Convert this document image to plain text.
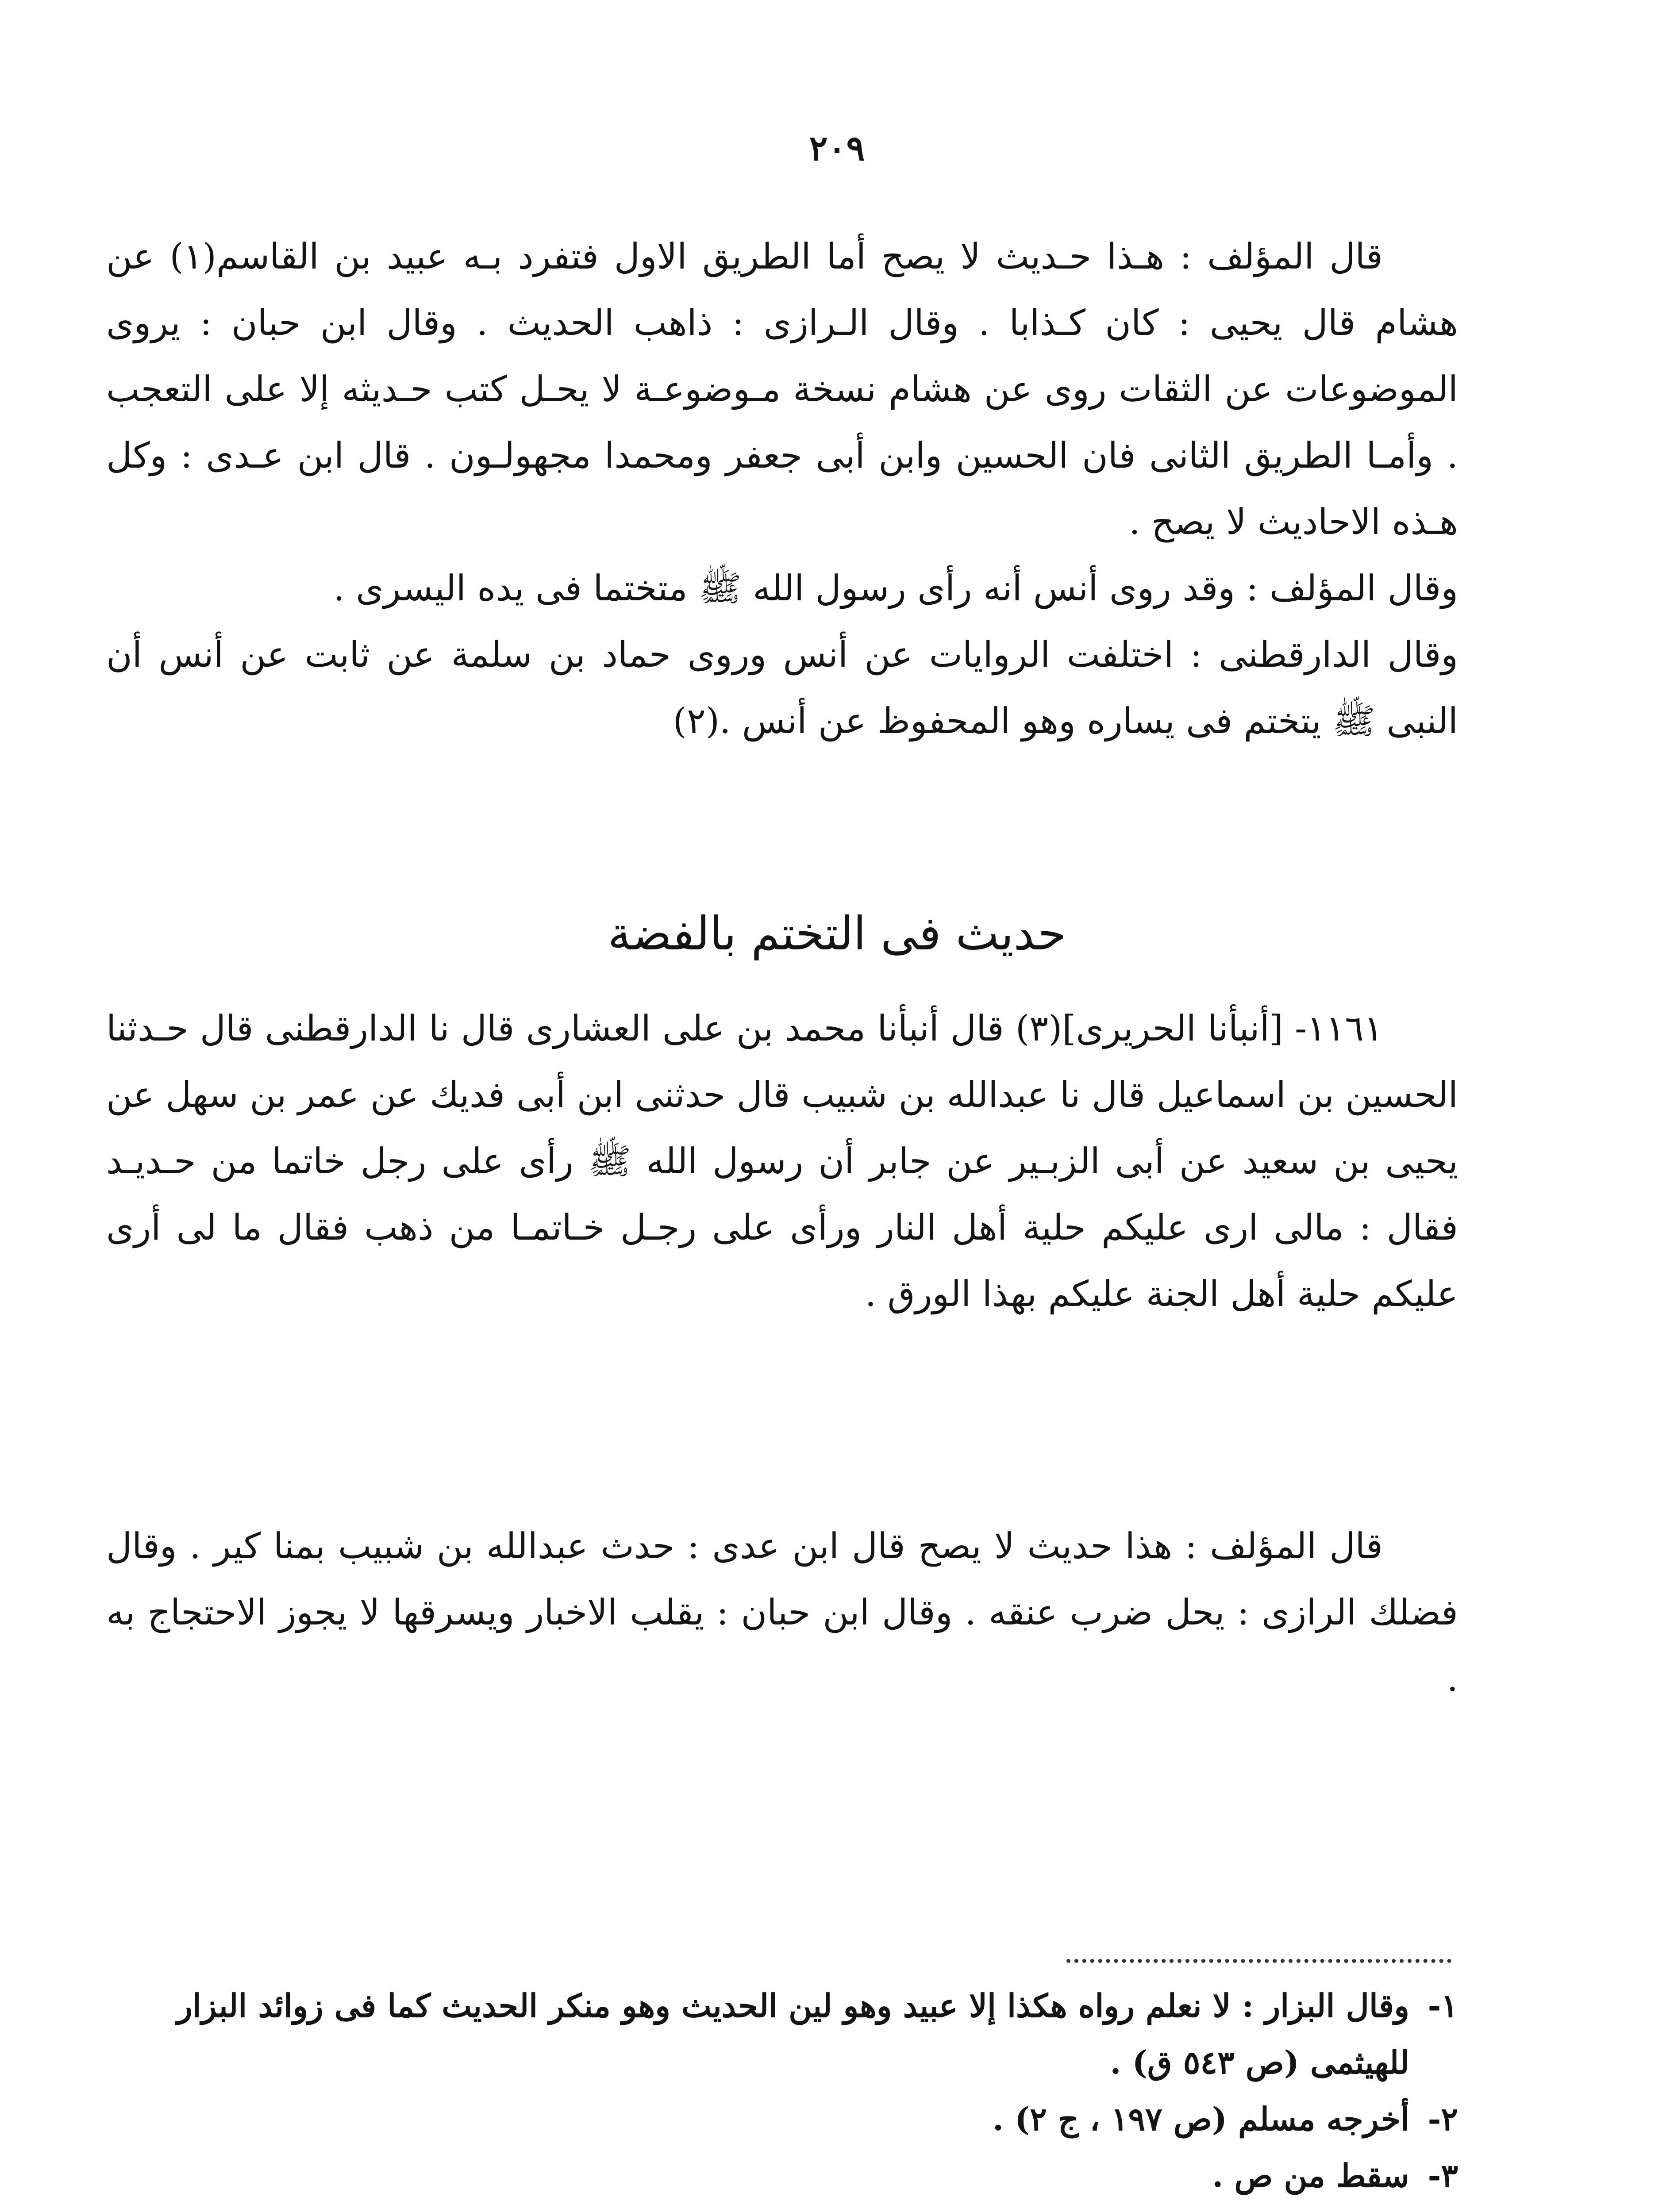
٢٠٩

قال المؤلف : هـذا حـديث لا يصح أما الطريق الاول فتفرد بـه عبيد بن القاسم(١) عن هشام قال يحيى : كان كـذابا . وقال الـرازى : ذاهب الحديث . وقال ابن حبان : يروى الموضوعات عن الثقات روى عن هشام نسخة مـوضوعـة لا يحـل كتب حـديثه إلا على التعجب . وأمـا الطريق الثانى فان الحسين وابن أبى جعفر ومحمدا مجهولـون . قال ابن عـدى : وكل هـذه الاحاديث لا يصح .

وقال المؤلف : وقد روى أنس أنه رأى رسول الله ﷺ متختما فى يده اليسرى .

وقال الدارقطنى : اختلفت الروايات عن أنس وروى حماد بن سلمة عن ثابت عن أنس أن النبى ﷺ يتختم فى يساره وهو المحفوظ عن أنس .(٢)

حديث فى التختم بالفضة

١١٦١- [أنبأنا الحريرى](٣) قال أنبأنا محمد بن على العشارى قال نا الدارقطنى قال حـدثنا الحسين بن اسماعيل قال نا عبدالله بن شبيب قال حدثنى ابن أبى فديك عن عمر بن سهل عن يحيى بن سعيد عن أبى الزبـير عن جابر أن رسول الله ﷺ رأى على رجل خاتما من حـديـد فقال : مالى ارى عليكم حلية أهل النار ورأى على رجـل خـاتمـا من ذهب فقال ما لى أرى عليكم حلية أهل الجنة عليكم بهذا الورق .

قال المؤلف : هذا حديث لا يصح قال ابن عدى : حدث عبدالله بن شبيب بمنا كير . وقال فضلك الرازى : يحل ضرب عنقه . وقال ابن حبان : يقلب الاخبار ويسرقها لا يجوز الاحتجاج به .

١-
وقال البزار : لا نعلم رواه هكذا إلا عبيد وهو لين الحديث وهو منكر الحديث كما فى زوائد البزار للهيثمى (ص ٥٤٣ ق) .

٢-
أخرجه مسلم (ص ١٩٧ ، ج ٢) .

٣-
سقط من ص .
